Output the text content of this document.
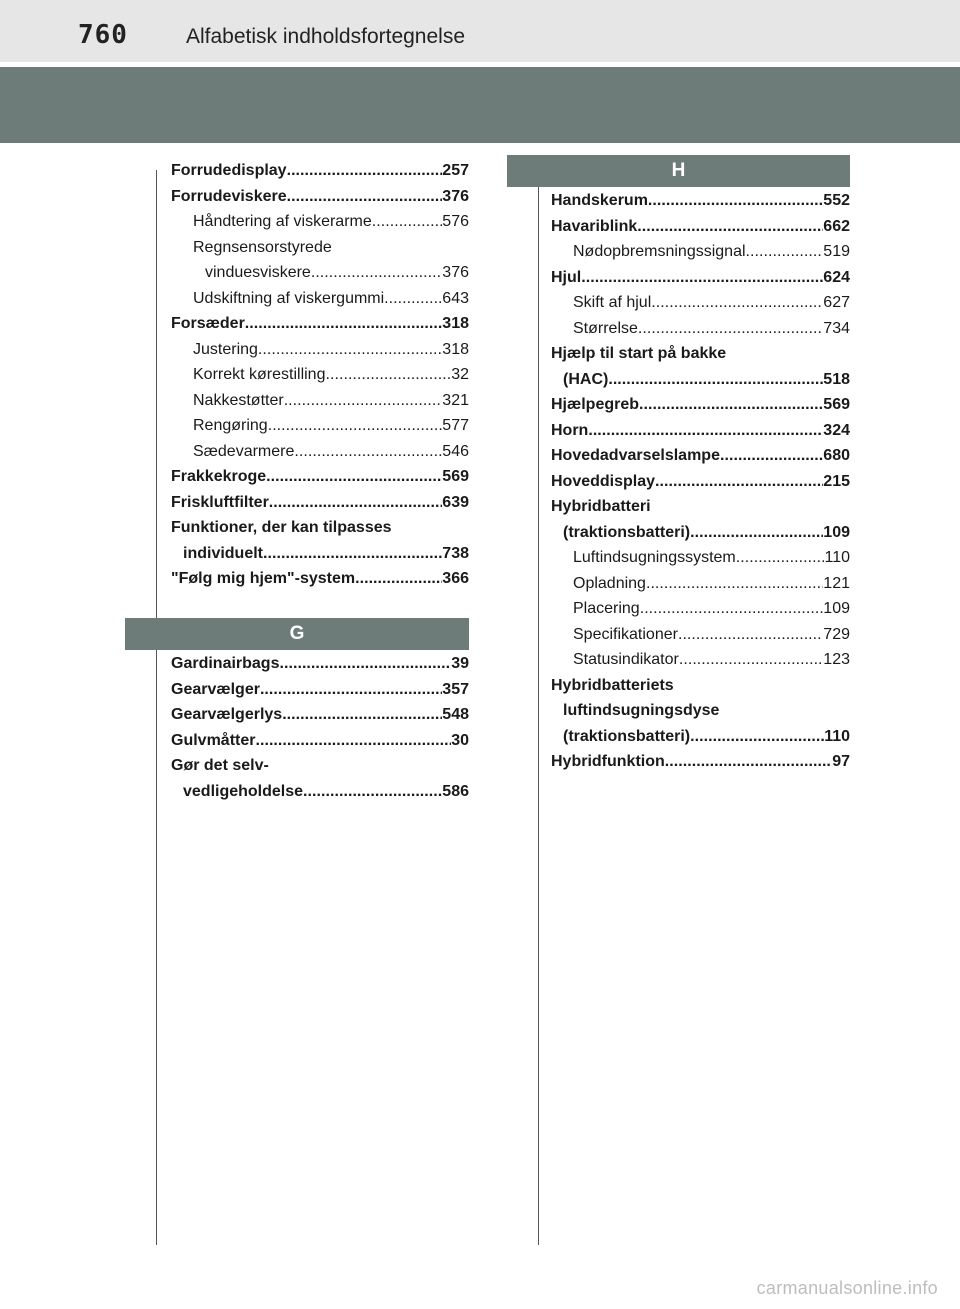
760	Alfabetisk indholdsfortegnelse
H
G
Forrudedisplay . . .	257
Forrudeviskere . . .	376
Håndtering af viskerarme . . .	576
Regnsensorstyrede
vinduesviskere . . .	376
Udskiftning af viskergummi . . .	643
Forsæder . . .	318
Justering . . .	318
Korrekt kørestilling . . .	32
Nakkestøtter . . .	321
Rengøring . . .	577
Sædevarmere . . .	546
Frakkekroge . . .	569
Friskluftfilter . . .	639
Funktioner, der kan tilpasses
individuelt . . .	738
"Følg mig hjem"-system . . .	366
Gardinairbags . . .	39
Gearvælger . . .	357
Gearvælgerlys . . .	548
Gulvmåtter . . .	30
Gør det selv-
vedligeholdelse . . .	586
Handskerum . . .	552
Havariblink . . .	662
Nødopbremsningssignal . . .	519
Hjul . . .	624
Skift af hjul . . .	627
Størrelse . . .	734
Hjælp til start på bakke
(HAC) . . .	518
Hjælpegreb . . .	569
Horn . . .	324
Hovedadvarselslampe . . .	680
Hoveddisplay . . .	215
Hybridbatteri
(traktionsbatteri) . . .	109
Luftindsugningssystem . . .	110
Opladning . . .	121
Placering . . .	109
Specifikationer . . .	729
Statusindikator . . .	123
Hybridbatteriets
luftindsugningsdyse
(traktionsbatteri) . . .	110
Hybridfunktion . . .	97
carmanualsonline.info
